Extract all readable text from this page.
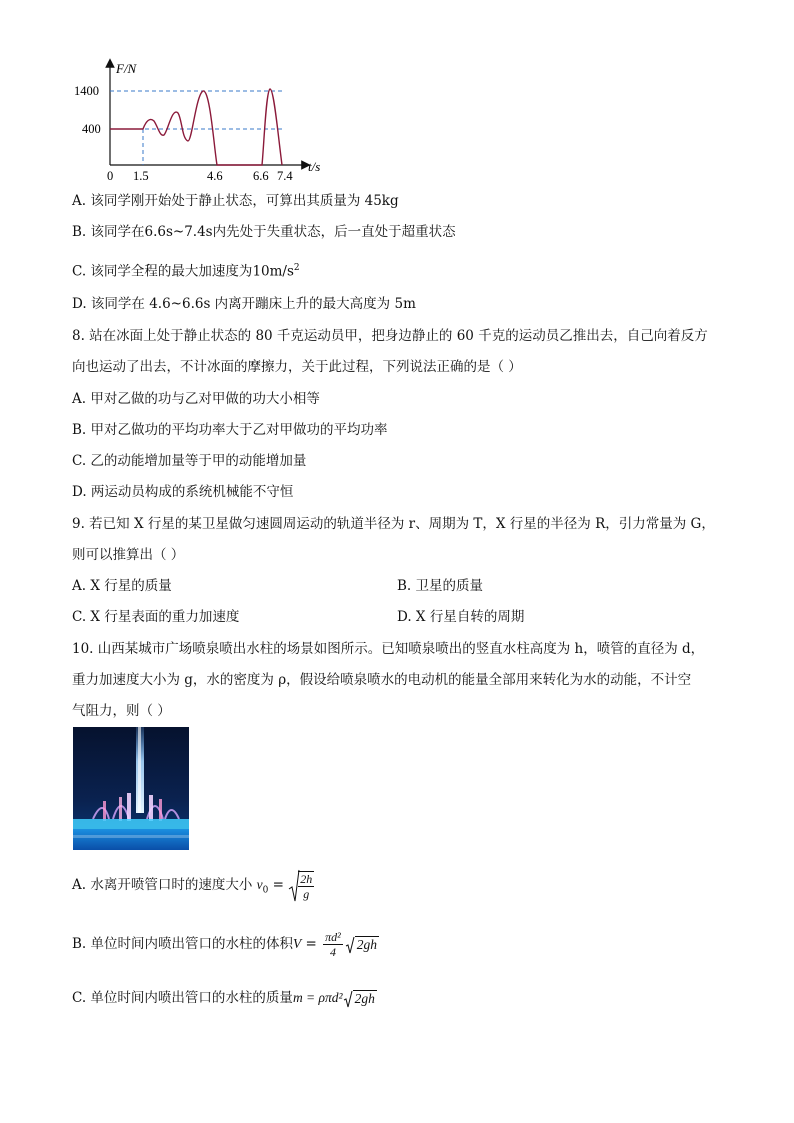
F/N
t/s
1400
400
0 1.5	4.6 6.6 7.4
A. 该同学刚开始处于静止状态，可算出其质量为 45kg
B. 该同学在6.6s~7.4s内先处于失重状态，后一直处于超重状态
C. 该同学全程的最大加速度为$10m/s^2$
D. 该同学在 4.6~6.6s 内离开蹦床上升的最大高度为 5m
8. 站在冰面上处于静止状态的 80 千克运动员甲，把身边静止的 60 千克的运动员乙推出去，自己向着反方
向也运动了出去，不计冰面的摩擦力，关于此过程，下列说法正确的是（ ）
A. 甲对乙做的功与乙对甲做的功大小相等
B. 甲对乙做功的平均功率大于乙对甲做功的平均功率
C. 乙的动能增加量等于甲的动能增加量
D. 两运动员构成的系统机械能不守恒
9. 若已知 X 行星的某卫星做匀速圆周运动的轨道半径为 r、周期为 T，X 行星的半径为 R，引力常量为 G，
则可以推算出（ ）
A. X 行星的质量	B. 卫星的质量
C. X 行星表面的重力加速度	D. X 行星自转的周期
10. 山西某城市广场喷泉喷出水柱的场景如图所示。已知喷泉喷出的竖直水柱高度为 h，喷管的直径为 d，
重力加速度大小为 g，水的密度为 ρ，假设给喷泉喷水的电动机的能量全部用来转化为水的动能，不计空
气阻力，则（ ）
A. 水离开喷管口时的速度大小 $v_0 = \frac{2h}{g}$
B. 单位时间内喷出管口的水柱的体积$V = \frac{\text{πd²}}{4} 2gh$
C. 单位时间内喷出管口的水柱的质量m = ρπd² 2gh
